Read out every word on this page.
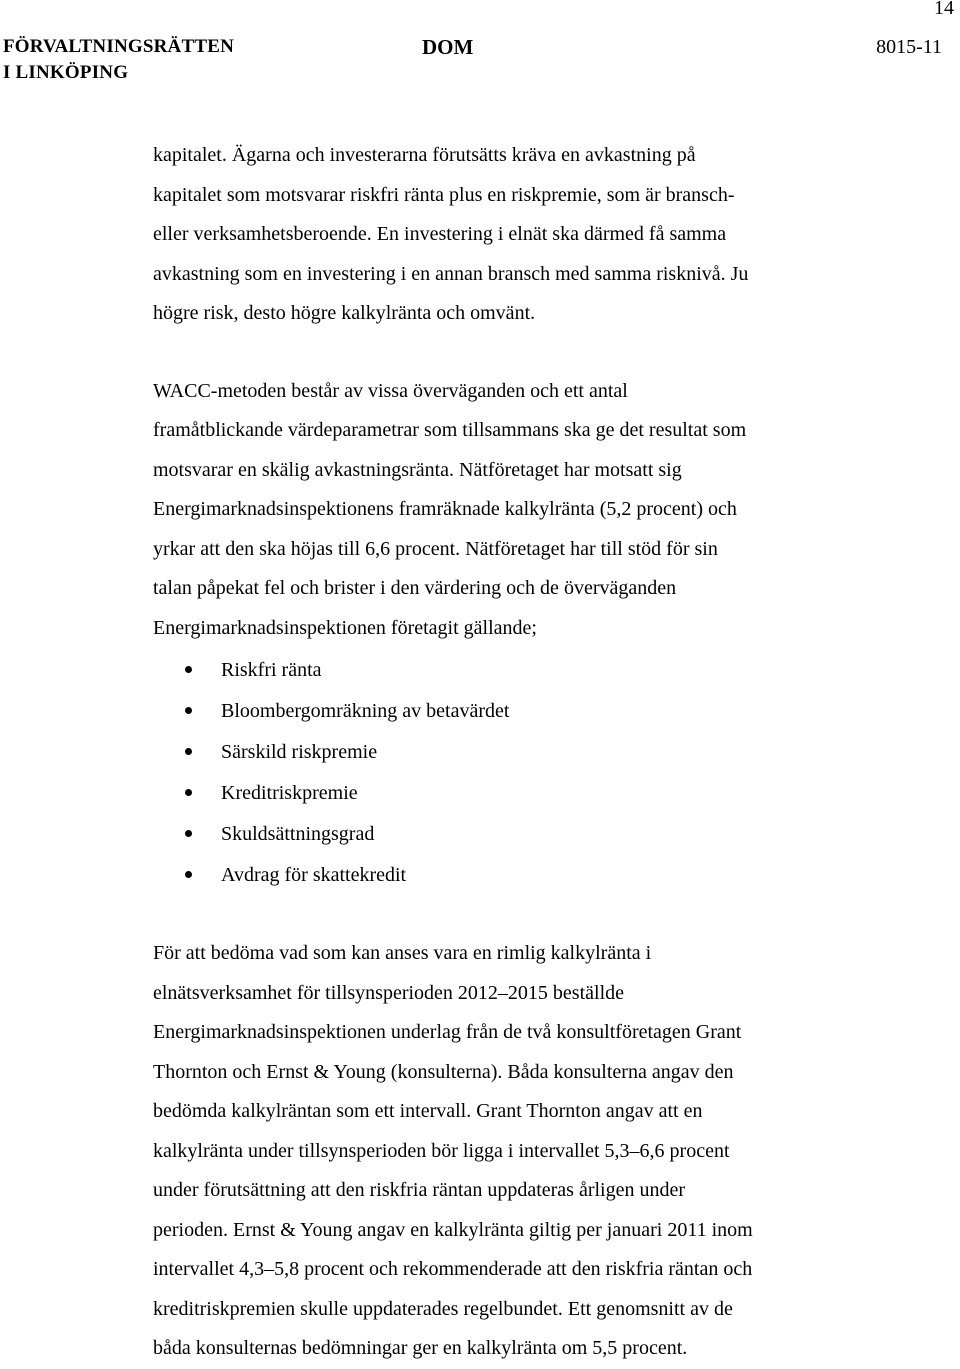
14
FÖRVALTNINGSRÄTTEN
I LINKÖPING
DOM	8015-11

kapitalet. Ägarna och investerarna förutsätts kräva en avkastning på
kapitalet som motsvarar riskfri ränta plus en riskpremie, som är bransch-
eller verksamhetsberoende. En investering i elnät ska därmed få samma
avkastning som en investering i en annan bransch med samma risknivå. Ju
högre risk, desto högre kalkylränta och omvänt.

WACC-metoden består av vissa överväganden och ett antal
framåtblickande värdeparametrar som tillsammans ska ge det resultat som
motsvarar en skälig avkastningsränta. Nätföretaget har motsatt sig
Energimarknadsinspektionens framräknade kalkylränta (5,2 procent) och
yrkar att den ska höjas till 6,6 procent. Nätföretaget har till stöd för sin
talan påpekat fel och brister i den värdering och de överväganden
Energimarknadsinspektionen företagit gällande;

Riskfri ränta
Bloombergomräkning av betavärdet
Särskild riskpremie
Kreditriskpremie
Skuldsättningsgrad
Avdrag för skattekredit

För att bedöma vad som kan anses vara en rimlig kalkylränta i
elnätsverksamhet för tillsynsperioden 2012–2015 beställde
Energimarknadsinspektionen underlag från de två konsultföretagen Grant
Thornton och Ernst & Young (konsulterna). Båda konsulterna angav den
bedömda kalkylräntan som ett intervall. Grant Thornton angav att en
kalkylränta under tillsynsperioden bör ligga i intervallet 5,3–6,6 procent
under förutsättning att den riskfria räntan uppdateras årligen under
perioden. Ernst & Young angav en kalkylränta giltig per januari 2011 inom
intervallet 4,3–5,8 procent och rekommenderade att den riskfria räntan och
kreditriskpremien skulle uppdaterades regelbundet. Ett genomsnitt av de
båda konsulternas bedömningar ger en kalkylränta om 5,5 procent.
